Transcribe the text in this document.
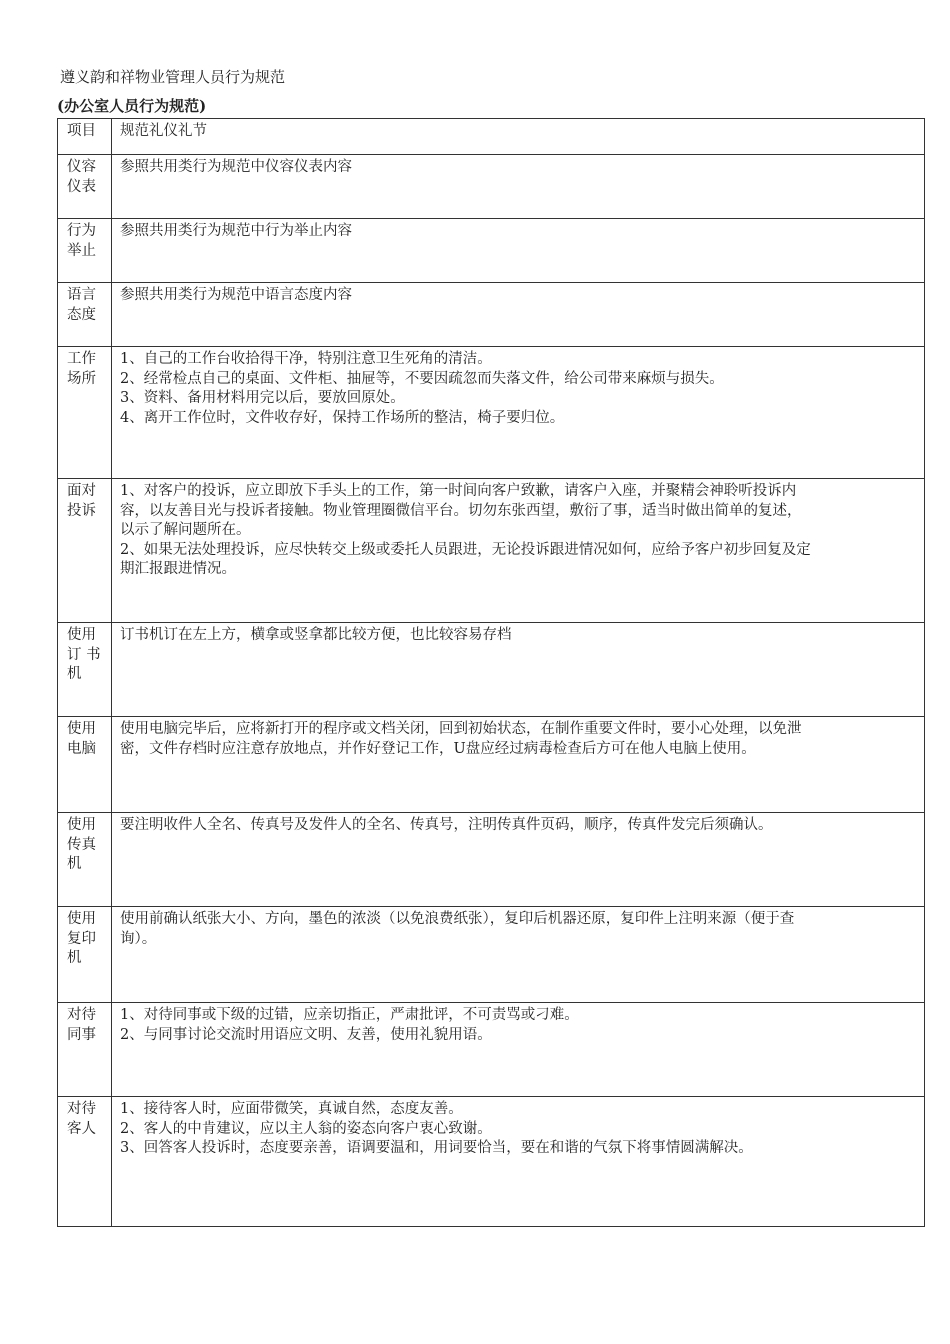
遵义韵和祥物业管理人员行为规范
(办公室人员行为规范)
项目	规范礼仪礼节

仪容
仪表	参照共用类行为规范中仪容仪表内容

行为
举止	参照共用类行为规范中行为举止内容

语言
态度	参照共用类行为规范中语言态度内容

工作
场所	1、自己的工作台收拾得干净，特别注意卫生死角的清洁。
2、经常检点自己的桌面、文件柜、抽屉等，不要因疏忽而失落文件，给公司带来麻烦与损失。
3、资料、备用材料用完以后，要放回原处。
4、离开工作位时，文件收存好，保持工作场所的整洁，椅子要归位。

面对
投诉	1、对客户的投诉，应立即放下手头上的工作，第一时间向客户致歉，请客户入座，并聚精会神聆听投诉内
容，以友善目光与投诉者接触。物业管理圈微信平台。切勿东张西望，敷衍了事，适当时做出简单的复述，
以示了解问题所在。
2、如果无法处理投诉，应尽快转交上级或委托人员跟进，无论投诉跟进情况如何，应给予客户初步回复及定
期汇报跟进情况。

使用
订 书
机	订书机订在左上方，横拿或竖拿都比较方便，也比较容易存档

使用
电脑	使用电脑完毕后，应将新打开的程序或文档关闭，回到初始状态，在制作重要文件时，要小心处理，以免泄
密，文件存档时应注意存放地点，并作好登记工作，U盘应经过病毒检查后方可在他人电脑上使用。

使用
传真
机	要注明收件人全名、传真号及发件人的全名、传真号，注明传真件页码，顺序，传真件发完后须确认。

使用
复印
机	使用前确认纸张大小、方向，墨色的浓淡（以免浪费纸张），复印后机器还原，复印件上注明来源（便于查
询）。

对待
同事	1、对待同事或下级的过错，应亲切指正，严肃批评，不可责骂或刁难。
2、与同事讨论交流时用语应文明、友善，使用礼貌用语。

对待
客人	1、接待客人时，应面带微笑，真诚自然，态度友善。
2、客人的中肯建议，应以主人翁的姿态向客户衷心致谢。
3、回答客人投诉时，态度要亲善，语调要温和，用词要恰当，要在和谐的气氛下将事情圆满解决。
